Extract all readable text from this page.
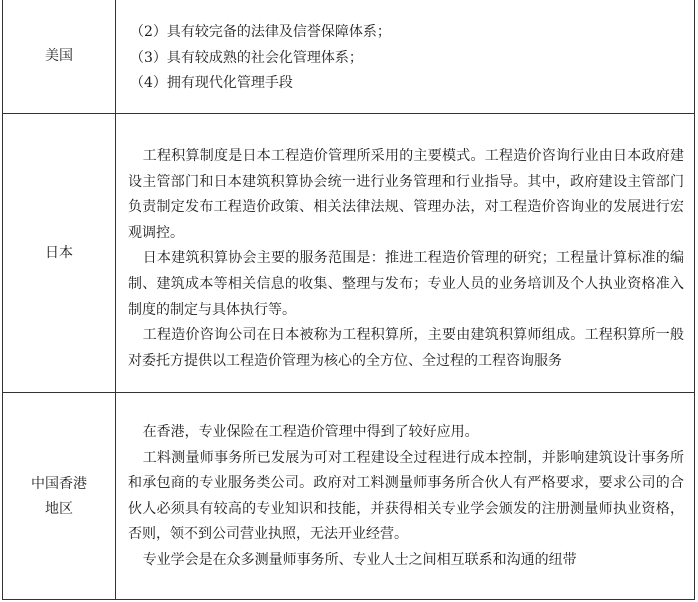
美国

（2）具有较完备的法律及信誉保障体系；

（3）具有较成熟的社会化管理体系；

（4）拥有现代化管理手段

日本

工程积算制度是日本工程造价管理所采用的主要模式。工程造价咨询行业由日本政府建设主管部门和日本建筑积算协会统一进行业务管理和行业指导。其中，政府建设主管部门负责制定发布工程造价政策、相关法律法规、管理办法，对工程造价咨询业的发展进行宏观调控。

日本建筑积算协会主要的服务范围是：推进工程造价管理的研究；工程量计算标准的编制、建筑成本等相关信息的收集、整理与发布；专业人员的业务培训及个人执业资格准入制度的制定与具体执行等。

工程造价咨询公司在日本被称为工程积算所，主要由建筑积算师组成。工程积算所一般对委托方提供以工程造价管理为核心的全方位、全过程的工程咨询服务

中国香港
地区

在香港，专业保险在工程造价管理中得到了较好应用。

工料测量师事务所已发展为可对工程建设全过程进行成本控制，并影响建筑设计事务所和承包商的专业服务类公司。政府对工料测量师事务所合伙人有严格要求，要求公司的合伙人必须具有较高的专业知识和技能，并获得相关专业学会颁发的注册测量师执业资格，否则，领不到公司营业执照，无法开业经营。

专业学会是在众多测量师事务所、专业人士之间相互联系和沟通的纽带
